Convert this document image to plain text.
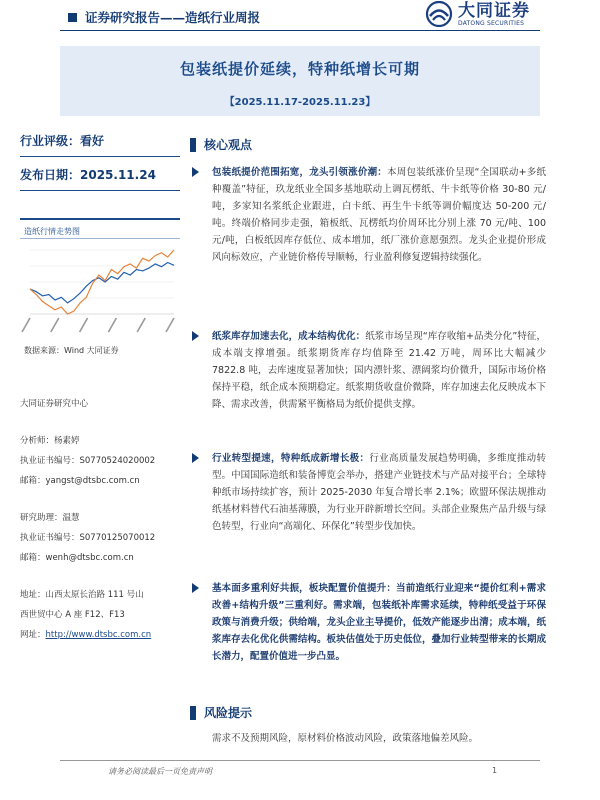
证券研究报告——造纸行业周报	大同证券
DATONG SECURITIES
包装纸提价延续，特种纸增长可期
【2025.11.17-2025.11.23】
行业评级：看好
发布日期：2025.11.24
造纸行情走势图
数据来源：Wind 大同证券
大同证券研究中心
分析师：杨素婷
执业证书编号：S0770524020002
邮箱：yangst@dtsbc.com.cn
研究助理：温慧
执业证书编号：S0770125070012
邮箱：wenh@dtsbc.com.cn
地址：山西太原长治路 111 号山
西世贸中心 A 座 F12、F13
网址：http://www.dtsbc.com.cn
核心观点
包装纸提价范围拓宽，龙头引领涨价潮：本周包装纸涨价呈现“全国联动+多纸种覆盖”特征，玖龙纸业全国多基地联动上调瓦楞纸、牛卡纸等价格 30-80 元/吨，多家知名浆纸企业跟进，白卡纸、再生牛卡纸等调价幅度达 50-200 元/吨。终端价格同步走强，箱板纸、瓦楞纸均价周环比分别上涨 70 元/吨、100 元/吨，白板纸因库存低位、成本增加，纸厂涨价意愿强烈。龙头企业提价形成风向标效应，产业链价格传导顺畅，行业盈利修复逻辑持续强化。
纸浆库存加速去化，成本结构优化：纸浆市场呈现“库存收缩+品类分化”特征，成本端支撑增强。纸浆期货库存均值降至 21.42 万吨，周环比大幅减少 7822.8 吨，去库速度显著加快；国内漂针浆、漂阔浆均价微升，国际市场价格保持平稳，纸企成本预期稳定。纸浆期货收盘价微降，库存加速去化反映成本下降、需求改善，供需紧平衡格局为纸价提供支撑。
行业转型提速，特种纸成新增长极：行业高质量发展趋势明确，多维度推动转型。中国国际造纸和装备博览会举办，搭建产业链技术与产品对接平台；全球特种纸市场持续扩容，预计 2025-2030 年复合增长率 2.1%；欧盟环保法规推动纸基材料替代石油基薄膜，为行业开辟新增长空间。头部企业聚焦产品升级与绿色转型，行业向“高端化、环保化”转型步伐加快。
基本面多重利好共振，板块配置价值提升：当前造纸行业迎来“提价红利+需求改善+结构升级”三重利好。需求端，包装纸补库需求延续，特种纸受益于环保政策与消费升级；供给端，龙头企业主导提价，低效产能逐步出清；成本端，纸浆库存去化优化供需结构。板块估值处于历史低位，叠加行业转型带来的长期成长潜力，配置价值进一步凸显。
风险提示
需求不及预期风险，原材料价格波动风险，政策落地偏差风险。
请务必阅读最后一页免责声明	1
